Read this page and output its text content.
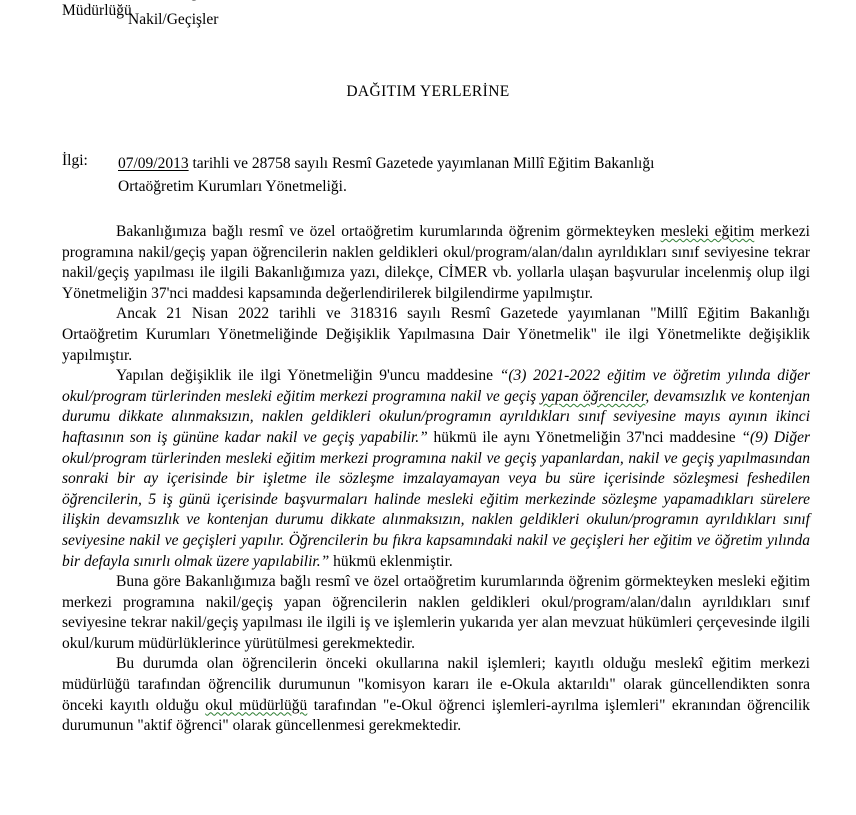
Müdürlüğü
Nakil/Geçişler
DAĞITIM YERLERİNE
İlgi: 07/09/2013 tarihli ve 28758 sayılı Resmî Gazetede yayımlanan Millî Eğitim Bakanlığı
Ortaöğretim Kurumları Yönetmeliği.

Bakanlığımıza bağlı resmî ve özel ortaöğretim kurumlarında öğrenim görmekteyken mesleki eğitim merkezi programına nakil/geçiş yapan öğrencilerin naklen geldikleri okul/program/alan/dalın ayrıldıkları sınıf seviyesine tekrar nakil/geçiş yapılması ile ilgili Bakanlığımıza yazı, dilekçe, CİMER vb. yollarla ulaşan başvurular incelenmiş olup ilgi Yönetmeliğin 37'nci maddesi kapsamında değerlendirilerek bilgilendirme yapılmıştır.

Ancak 21 Nisan 2022 tarihli ve 318316 sayılı Resmî Gazetede yayımlanan "Millî Eğitim Bakanlığı Ortaöğretim Kurumları Yönetmeliğinde Değişiklik Yapılmasına Dair Yönetmelik" ile ilgi Yönetmelikte değişiklik yapılmıştır.

Yapılan değişiklik ile ilgi Yönetmeliğin 9'uncu maddesine “(3) 2021-2022 eğitim ve öğretim yılında diğer okul/program türlerinden mesleki eğitim merkezi programına nakil ve geçiş yapan öğrenciler, devamsızlık ve kontenjan durumu dikkate alınmaksızın, naklen geldikleri okulun/programın ayrıldıkları sınıf seviyesine mayıs ayının ikinci haftasının son iş gününe kadar nakil ve geçiş yapabilir.” hükmü ile aynı Yönetmeliğin 37'nci maddesine “(9) Diğer okul/program türlerinden mesleki eğitim merkezi programına nakil ve geçiş yapanlardan, nakil ve geçiş yapılmasından sonraki bir ay içerisinde bir işletme ile sözleşme imzalayamayan veya bu süre içerisinde sözleşmesi feshedilen öğrencilerin, 5 iş günü içerisinde başvurmaları halinde mesleki eğitim merkezinde sözleşme yapamadıkları sürelere ilişkin devamsızlık ve kontenjan durumu dikkate alınmaksızın, naklen geldikleri okulun/programın ayrıldıkları sınıf seviyesine nakil ve geçişleri yapılır. Öğrencilerin bu fıkra kapsamındaki nakil ve geçişleri her eğitim ve öğretim yılında bir defayla sınırlı olmak üzere yapılabilir.” hükmü eklenmiştir.

Buna göre Bakanlığımıza bağlı resmî ve özel ortaöğretim kurumlarında öğrenim görmekteyken mesleki eğitim merkezi programına nakil/geçiş yapan öğrencilerin naklen geldikleri okul/program/alan/dalın ayrıldıkları sınıf seviyesine tekrar nakil/geçiş yapılması ile ilgili iş ve işlemlerin yukarıda yer alan mevzuat hükümleri çerçevesinde ilgili okul/kurum müdürlüklerince yürütülmesi gerekmektedir.

Bu durumda olan öğrencilerin önceki okullarına nakil işlemleri; kayıtlı olduğu meslekî eğitim merkezi müdürlüğü tarafından öğrencilik durumunun "komisyon kararı ile e-Okula aktarıldı" olarak güncellendikten sonra önceki kayıtlı olduğu okul müdürlüğü tarafından "e-Okul öğrenci işlemleri-ayrılma işlemleri" ekranından öğrencilik durumunun "aktif öğrenci" olarak güncellenmesi gerekmektedir.
